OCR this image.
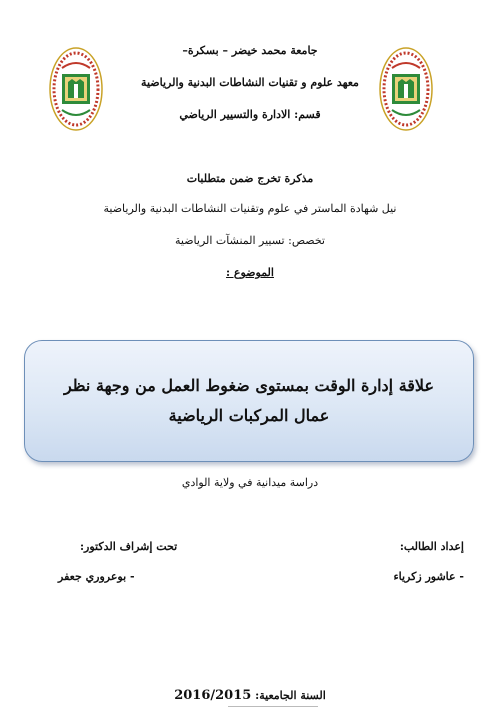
جامعة محمد خيضر – بسكرة–
معهد علوم و تقنيات النشاطات البدنية والرياضية
قسم: الادارة والتسيير الرياضي
مذكرة تخرج ضمن متطلبات
نيل شهادة الماستر في علوم وتقنيات النشاطات البدنية والرياضية
تخصص: تسيير المنشآت الرياضية
الموضوع :
علاقة إدارة الوقت بمستوى ضغوط العمل من وجهة نظر عمال المركبات الرياضية
دراسة ميدانية في ولاية الوادي
إعداد الطالب:
تحت إشراف الدكتور:
- عاشور زكرياء
- بوعروري جعفر
السنة الجامعية: 2016/2015
